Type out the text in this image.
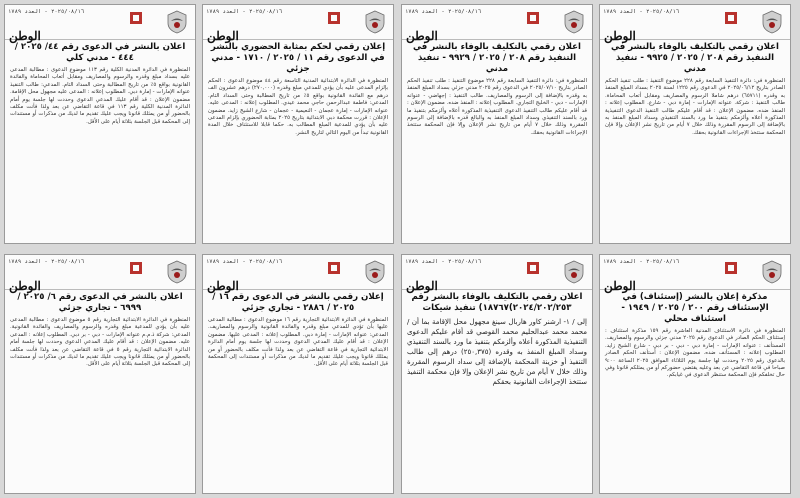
٢٠٢٥/٠٨/١٦ - العدد ١٧٨٩
الوطن
اعلان بالنشر في الدعوى رقم ٤٤/ ٢٠٢٥ / ٤٤٤ - مدني كلي
المنظورة في الدائرة المدنية الكلية رقم ١١٣ موضوع الدعوى : مطالبة المدعى عليه بسداد مبلغ وقدره والرسوم والمصاريف ومقابل أتعاب المحاماة والفائدة القانونية بواقع ٥٪ من تاريخ المطالبة وحتى السداد التام. المدعي: طالب التنفيذ عنوانه الإمارات - إمارة دبي. المطلوب إعلانه : المدعى عليه مجهول محل الإقامة. مضمون الإعلان : قد أقام عليك المدعي الدعوى وحددت لها جلسة يوم أمام الدائرة المدنية الكلية رقم ١١٣ في قاعة التقاضي عن بعد ولذا فأنت مكلف بالحضور أو من يمثلك قانونا ويجب عليك تقديم ما لديك من مذكرات أو مستندات إلى المحكمة قبل الجلسة بثلاثة أيام على الأقل.
٢٠٢٥/٠٨/١٦ - العدد ١٧٨٩
الوطن
إعلان رقمي لحكم بمثابة الحضوري بالنشر في الدعوى رقم ١١ / ٢٠٢٥ / ١٧١٠ - مدني جزئي
المنظورة في الدائرة الابتدائية المدنية التاسعة رقم ٤٤ موضوع الدعوى : الحكم بإلزام المدعى عليه بأن يؤدي للمدعي مبلغ وقدره (٢٧٠,٠٠٠) درهم عشرون الف درهم مع الفائدة القانونية بواقع ٥٪ من تاريخ المطالبة وحتى السداد التام. المدعي: فاطمة عبدالرحمن حاجي محمد عيدي. المطلوب إعلانه : المدعى عليه. عنوانه الإمارات - إمارة عجمان - النعيمية - عجمان - شارع الشيخ زايد. مضمون الإعلان : قررت محكمة دبي الابتدائية بتاريخ ٢٠٢٥ بمثابة الحضوري بإلزام المدعى عليه بأن يؤدي للمدعية المبلغ المطالب به. حكما قابلا للاستئناف خلال المدة القانونية تبدأ من اليوم التالي لتاريخ النشر.
٢٠٢٥/٠٨/١٦ - العدد ١٧٨٩
الوطن
اعلان رقمي بالتكليف بالوفاء بالنشر في التنفيذ رقم ٢٠٨ / ٢٠٢٥ / ٩٩٢٩ - تنفيذ مدني
المنظورة في: دائرة التنفيذ السابعة رقم ٢٢٨ موضوع التنفيذ : طلب تنفيذ الحكم الصادر بتاريخ ٢٠٢٥/٠٧/١٠ في الدعوى رقم ٢٠٢٥ مدني جزئي بسداد المبلغ المنفذ به وقدره بالإضافة إلى الرسوم والمصاريف. طالب التنفيذ : إجهاضي - عنوانه الإمارات - دبي - الخليج التجاري. المطلوب إعلانه : المنفذ ضده. مضمون الإعلان : قد أقام عليكم طالب التنفيذ الدعوى التنفيذية المذكورة أعلاه وألزمكم بتنفيذ ما ورد بالسند التنفيذي وسداد المبلغ المنفذ به والبالغ قدره بالإضافة إلى الرسوم المقررة وذلك خلال ٧ أيام من تاريخ نشر الإعلان وإلا فإن المحكمة ستتخذ الإجراءات القانونية بحقك.
٢٠٢٥/٠٨/١٦ - العدد ١٧٨٩
الوطن
اعلان رقمي بالتكليف بالوفاء بالنشر في التنفيذ رقم ٢٠٨ / ٢٠٢٥ / ٩٩٢٥ - تنفيذ مدني
المنظورة في: دائرة التنفيذ السابعة رقم ٢٢٨ موضوع التنفيذ : طلب تنفيذ الحكم الصادر بتاريخ ٢٠٢٥/٠٦/١٢ في الدعوى رقم ١٢٢٥ لسنة ٢٠٢٥ بسداد المبلغ المنفذ به وقدره (٦٥٧١١) درهم شاملا الرسوم والمصاريف ومقابل أتعاب المحاماة. طالب التنفيذ : شركة. عنوانه الإمارات - إمارة دبي - شارع. المطلوب إعلانه : المنفذ ضده. مضمون الإعلان : قد أقام عليكم طالب التنفيذ الدعوى التنفيذية المذكورة أعلاه وألزمكم بتنفيذ ما ورد بالسند التنفيذي وسداد المبلغ المنفذ به بالإضافة إلى الرسوم المقررة وذلك خلال ٧ أيام من تاريخ نشر الإعلان وإلا فإن المحكمة ستتخذ الإجراءات القانونية بحقك.
٢٠٢٥/٠٨/١٦ - العدد ١٧٨٩
الوطن
اعلان بالنشر في الدعوى رقم ٦/ ٢٠٢٥ / ٦٩٩٩ - تجاري جزئي
المنظورة في الدائرة الابتدائية التجارية رقم ٥ موضوع الدعوى : مطالبة المدعى عليه بأن يؤدي للمدعية مبلغ وقدره والرسوم والمصاريف والفائدة القانونية. المدعي: شركة ذ.م.م عنوانه الإمارات - دبي - بر دبي. المطلوب إعلانه : المدعى عليه. مضمون الإعلان : قد أقام عليك المدعي الدعوى وحددت لها جلسة أمام الدائرة الابتدائية التجارية رقم ٥ في قاعة التقاضي عن بعد ولذا فأنت مكلف بالحضور أو من يمثلك قانونا ويجب عليك تقديم ما لديك من مذكرات أو مستندات إلى المحكمة قبل الجلسة بثلاثة أيام على الأقل.
٢٠٢٥/٠٨/١٦ - العدد ١٧٨٩
الوطن
إعلان رقمي بالنشر في الدعوى رقم ١٦ / ٢٠٢٥ / ٢٨٨٦ - تجاري جزئي
المنظورة في الدائرة الابتدائية التجارية رقم ١٦ موضوع الدعوى : مطالبة المدعى عليها بأن تؤدي للمدعي مبلغ وقدره والفائدة القانونية والرسوم والمصاريف. المدعي: عنوانه الإمارات - إمارة دبي. المطلوب إعلانه : المدعى عليها. مضمون الإعلان : قد أقام عليك المدعي الدعوى وحددت لها جلسة يوم أمام الدائرة الابتدائية التجارية في قاعة التقاضي عن بعد ولذا فأنت مكلف بالحضور أو من يمثلك قانونا ويجب عليك تقديم ما لديك من مذكرات أو مستندات إلى المحكمة قبل الجلسة بثلاثة أيام على الأقل.
٢٠٢٥/٠٨/١٦ - العدد ١٧٨٩
الوطن
اعلان رقمي بالتكليف بالوفاء بالنشر رقم ٢٠٢٤/٢٠٢/٢٥٣)١٨٧٦٧) تنفيذ شيكات
إلى / ١- ارشنر كاور هاربال سينغ مجهول محل الإقامة بما أن / محمد محمد عبدالحليم محمد القوصي قد أقام عليكم الدعوى التنفيذية المذكورة أعلاه وألزمكم بتنفيذ ما ورد بالسند التنفيذي وسداد المبلغ المنفذ به وقدره (٢٥٠,٣٧٥) درهم إلى طالب التنفيذ أو خزينة المحكمة بالإضافة إلى سداد الرسوم المقررة وذلك خلال ٧ أيام من تاريخ نشر الإعلان وإلا فإن محكمة التنفيذ ستتخذ الإجراءات القانونية بحقكم
٢٠٢٥/٠٨/١٦ - العدد ١٧٨٩
الوطن
مذكرة إعلان بالنشر (إستئناف) في الإستئناف رقم ٢٠٠ / ٢٠٢٥ / ١٩٤٩ - استئناف محلي
المنظورة في دائرة الاستئناف المدنية العاشرة رقم ١٥٩ مذكرة استئناف : إستئناف الحكم الصادر في الدعوى رقم ٢٠٢٥ مدني جزئي والرسوم والمصاريف. المستأنف : عنوانه الإمارات - إمارة دبي - دبي - بر دبي - شارع الشيخ زايد. المطلوب إعلانه : المستأنف ضده. مضمون الإعلان : أستأنف الحكم الصادر بالدعوى رقم ٢٠٢٥ وحددت لها جلسة يوم الثلاثاء الموافق ٢٠٢٥ الساعة ٩:٠٠ صباحا في قاعة التقاضي عن بعد وعليه يقتضي حضوركم أو من يمثلكم قانونا وفي حال تخلفكم فإن المحكمة ستنظر الدعوى في غيابكم.
